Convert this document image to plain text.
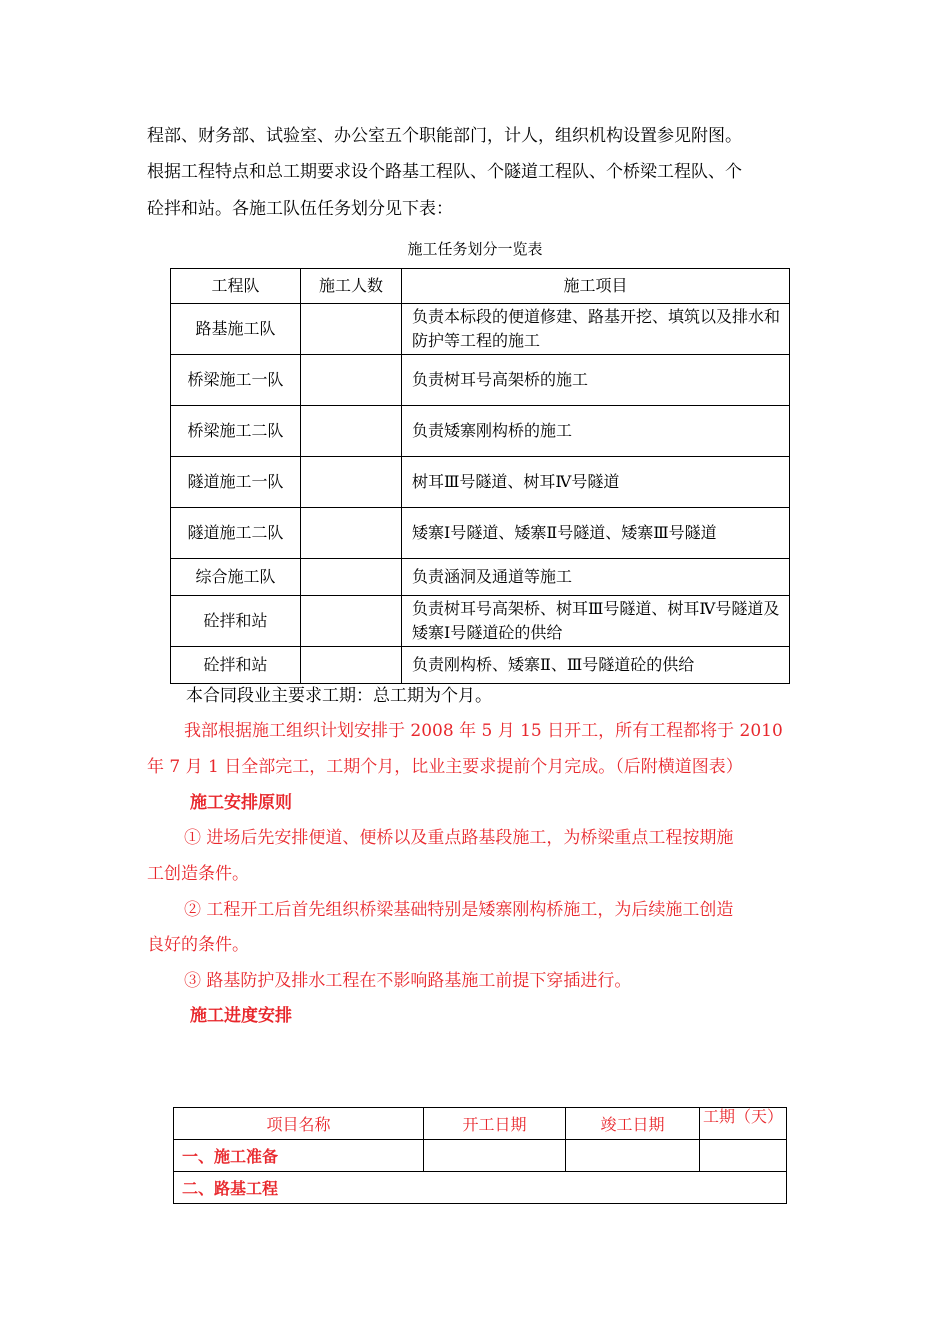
程部、财务部、试验室、办公室五个职能部门，计人，组织机构设置参见附图。
根据工程特点和总工期要求设个路基工程队、个隧道工程队、个桥梁工程队、个
砼拌和站。各施工队伍任务划分见下表：
施工任务划分一览表
工程队	施工人数	施工项目
路基施工队		负责本标段的便道修建、路基开挖、填筑以及排水和防护等工程的施工
桥梁施工一队		负责树耳号高架桥的施工
桥梁施工二队		负责矮寨刚构桥的施工
隧道施工一队		树耳Ⅲ号隧道、树耳Ⅳ号隧道
隧道施工二队		矮寨Ⅰ号隧道、矮寨Ⅱ号隧道、矮寨Ⅲ号隧道
综合施工队		负责涵洞及通道等施工
砼拌和站		负责树耳号高架桥、树耳Ⅲ号隧道、树耳Ⅳ号隧道及矮寨Ⅰ号隧道砼的供给
砼拌和站		负责刚构桥、矮寨Ⅱ、Ⅲ号隧道砼的供给
本合同段业主要求工期：总工期为个月。
我部根据施工组织计划安排于 2008 年 5 月 15 日开工，所有工程都将于 2010
年 7 月 1 日全部完工，工期个月，比业主要求提前个月完成。（后附横道图表）
施工安排原则
① 进场后先安排便道、便桥以及重点路基段施工，为桥梁重点工程按期施
工创造条件。
② 工程开工后首先组织桥梁基础特别是矮寨刚构桥施工，为后续施工创造
良好的条件。
③ 路基防护及排水工程在不影响路基施工前提下穿插进行。
施工进度安排
项目名称	开工日期	竣工日期	工期（天）

一、施工准备			
二、路基工程			
